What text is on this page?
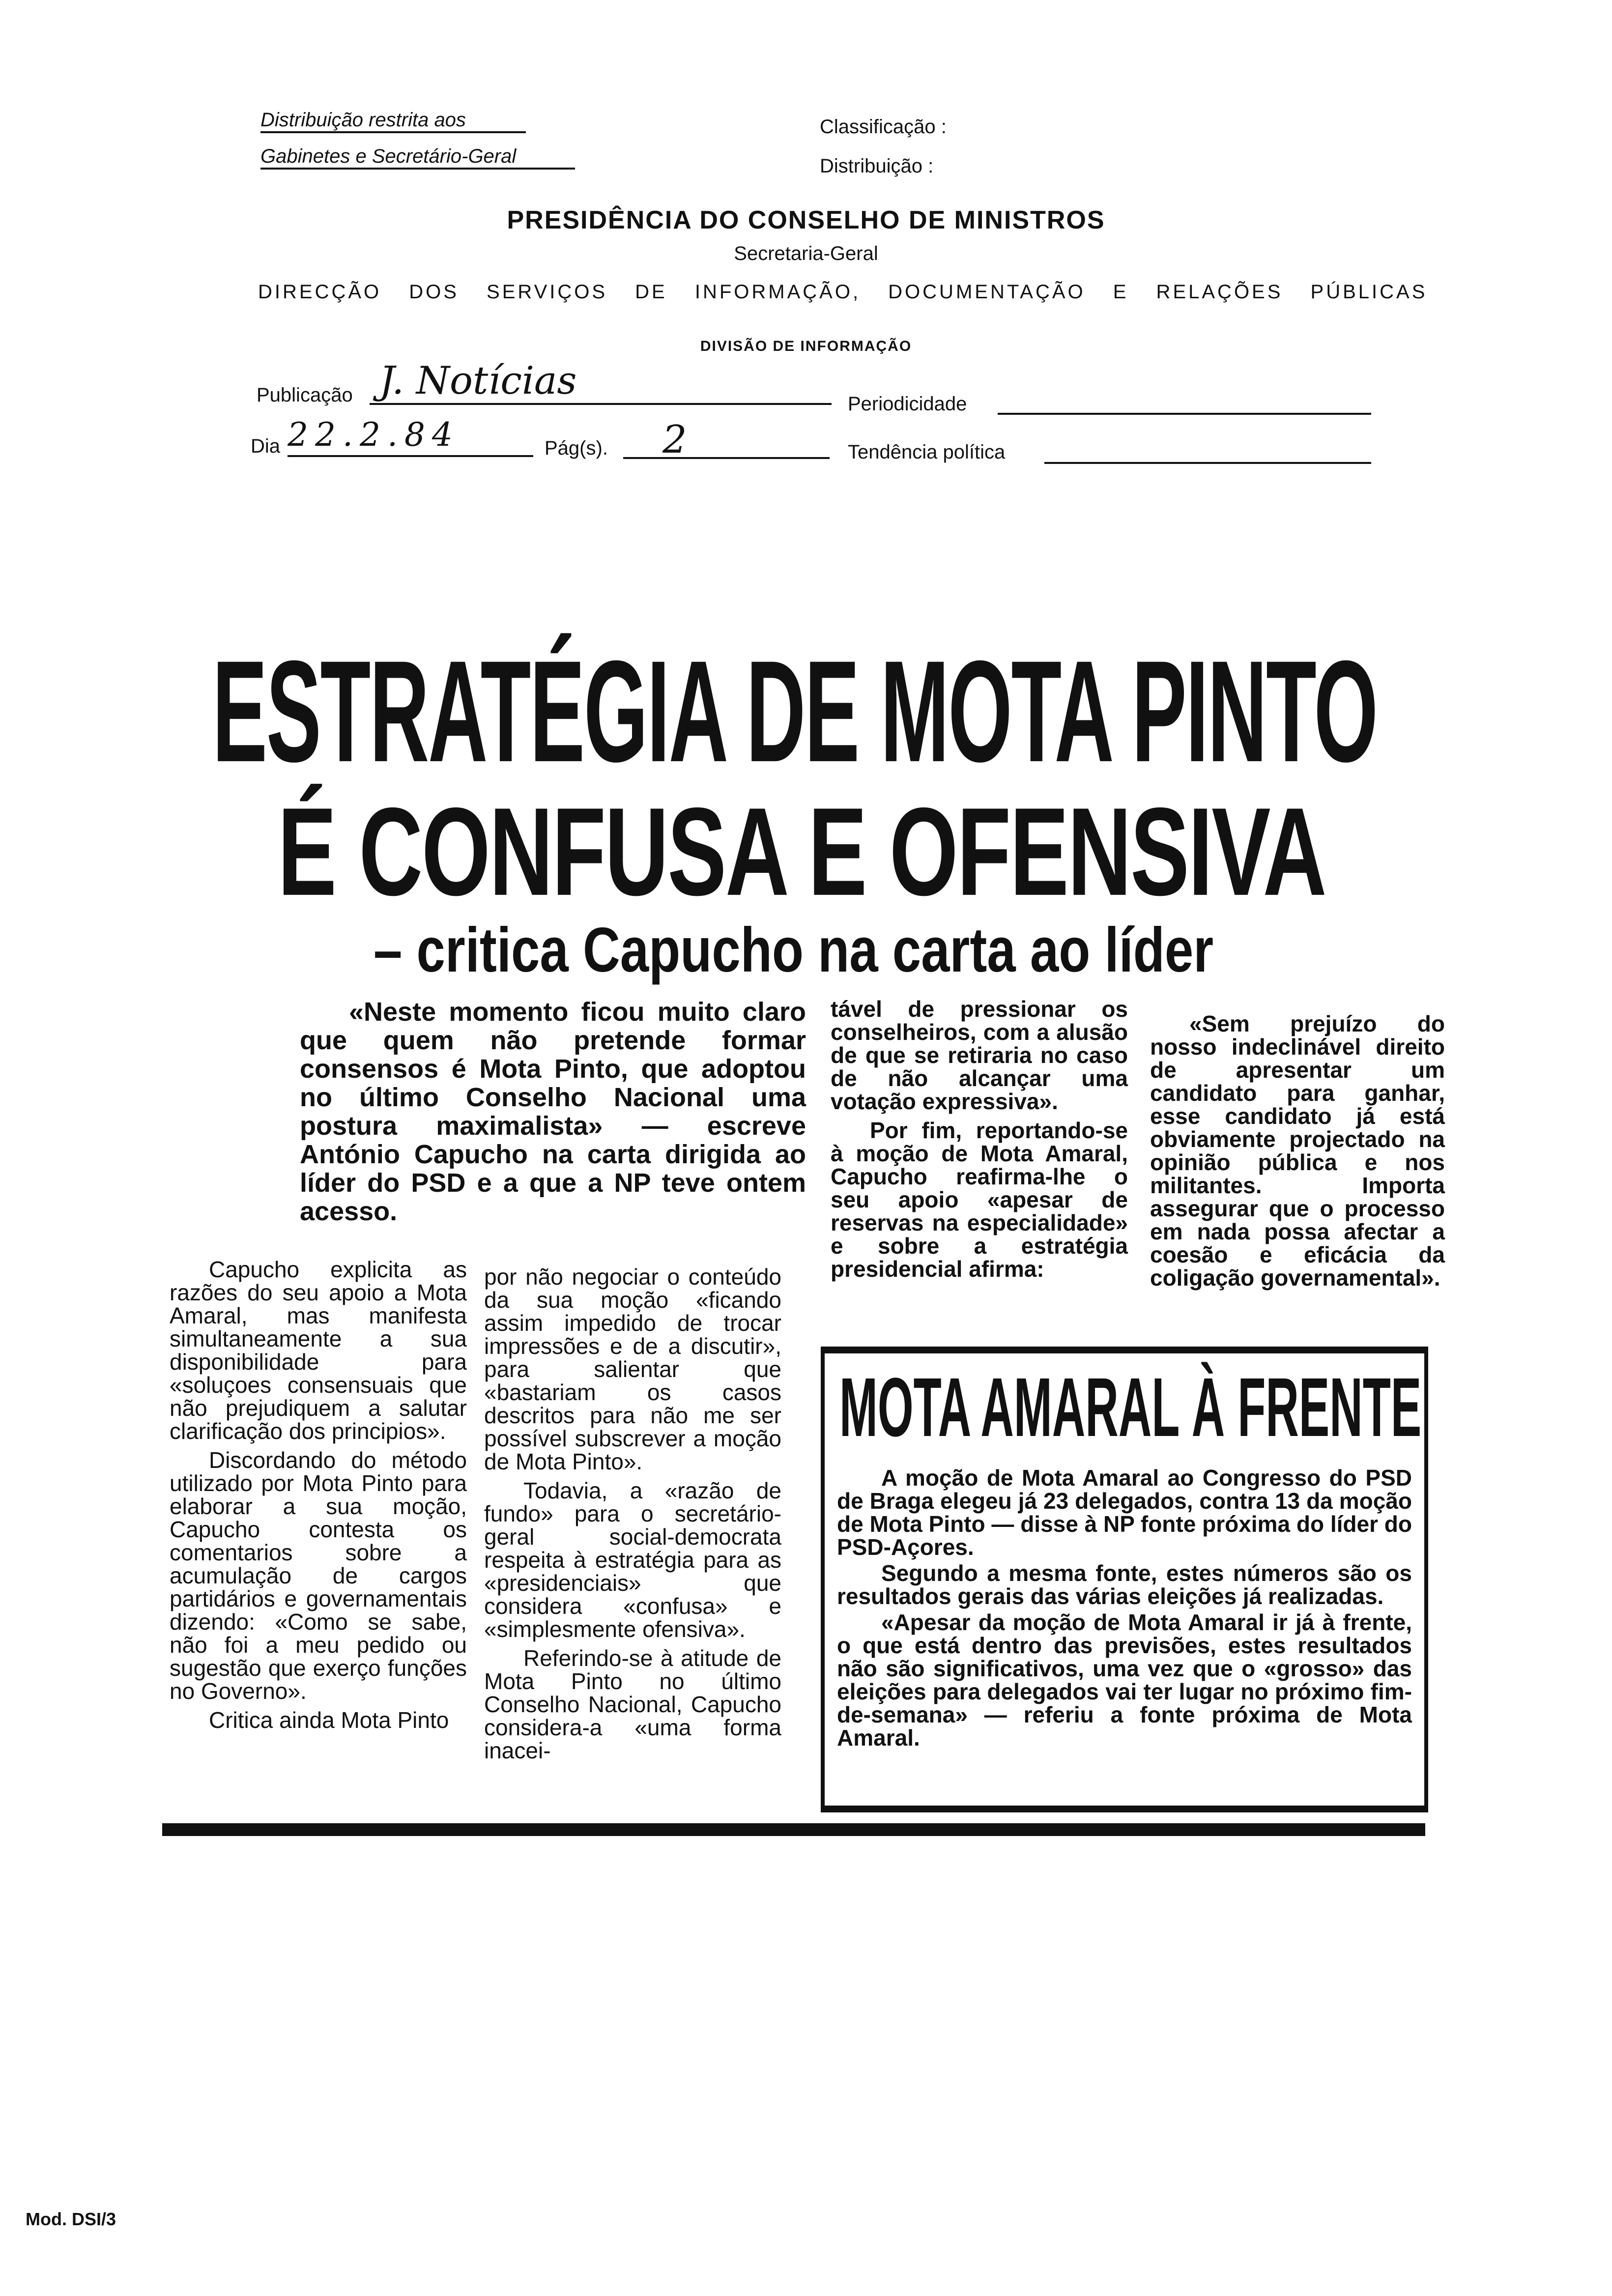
Distribuição restrita aos
Gabinetes e Secretário-Geral
Classificação :
Distribuição :
PRESIDÊNCIA DO CONSELHO DE MINISTROS
Secretaria-Geral
DIRECÇÃO DOS SERVIÇOS DE INFORMAÇÃO, DOCUMENTAÇÃO E RELAÇÕES PÚBLICAS
DIVISÃO DE INFORMAÇÃO
Publicação J. Notícias
Periodicidade
Dia 22.2.84	Pág(s).	2	Tendência política
ESTRATÉGIA DE MOTA PINTO
É CONFUSA E OFENSIVA
– critica Capucho na carta ao líder
«Neste momento ficou muito claro que quem não pretende formar consensos é Mota Pinto, que adoptou no último Conselho Nacional uma postura maximalista» — escreve António Capucho na carta dirigida ao líder do PSD e a que a NP teve ontem acesso.

Capucho explicita as razões do seu apoio a Mota Amaral, mas manifesta simultaneamente a sua disponibilidade para «soluçoes consensuais que não prejudiquem a salutar clarificação dos principios».

Discordando do método utilizado por Mota Pinto para elaborar a sua moção, Capucho contesta os comentarios sobre a acumulação de cargos partidários e governamentais dizendo: «Como se sabe, não foi a meu pedido ou sugestão que exerço funções no Governo».

Critica ainda Mota Pinto

por não negociar o conteúdo da sua moção «ficando assim impedido de trocar impressões e de a discutir», para salientar que «bastariam os casos descritos para não me ser possível subscrever a moção de Mota Pinto».

Todavia, a «razão de fundo» para o secretário-geral social-democrata respeita à estratégia para as «presidenciais» que considera «confusa» e «simplesmente ofensiva».

Referindo-se à atitude de Mota Pinto no último Conselho Nacional, Capucho considera-a «uma forma inacei-

tável de pressionar os conselheiros, com a alusão de que se retiraria no caso de não alcançar uma votação expressiva».

Por fim, reportando-se à moção de Mota Amaral, Capucho reafirma-lhe o seu apoio «apesar de reservas na especialidade» e sobre a estratégia presidencial afirma:

«Sem prejuízo do nosso indeclinável direito de apresentar um candidato para ganhar, esse candidato já está obviamente projectado na opinião pública e nos militantes. Importa assegurar que o processo em nada possa afectar a coesão e eficácia da coligação governamental».

MOTA AMARAL À FRENTE

A moção de Mota Amaral ao Congresso do PSD de Braga elegeu já 23 delegados, contra 13 da moção de Mota Pinto — disse à NP fonte próxima do líder do PSD-Açores.

Segundo a mesma fonte, estes números são os resultados gerais das várias eleições já realizadas.

«Apesar da moção de Mota Amaral ir já à frente, o que está dentro das previsões, estes resultados não são significativos, uma vez que o «grosso» das eleições para delegados vai ter lugar no próximo fim-de-semana» — referiu a fonte próxima de Mota Amaral.

Mod. DSI/3
